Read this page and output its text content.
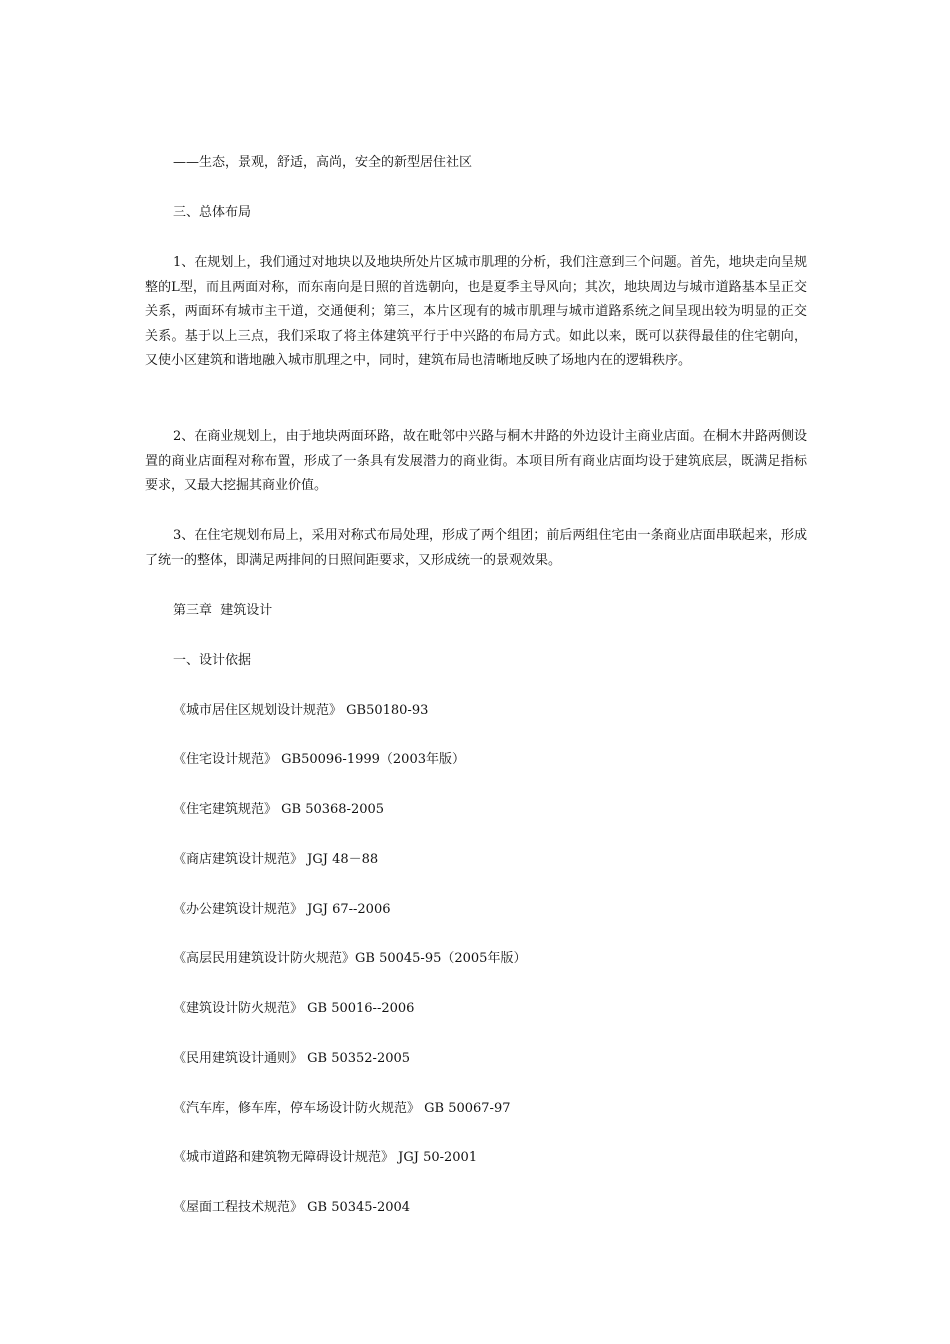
——生态，景观，舒适，高尚，安全的新型居住社区
三、总体布局
1、在规划上，我们通过对地块以及地块所处片区城市肌理的分析，我们注意到三个问题。首先，地块走向呈规整的L型，而且两面对称，而东南向是日照的首选朝向，也是夏季主导风向；其次，地块周边与城市道路基本呈正交关系，两面环有城市主干道，交通便利；第三，本片区现有的城市肌理与城市道路系统之间呈现出较为明显的正交关系。基于以上三点，我们采取了将主体建筑平行于中兴路的布局方式。如此以来，既可以获得最佳的住宅朝向，又使小区建筑和谐地融入城市肌理之中，同时，建筑布局也清晰地反映了场地内在的逻辑秩序。
2、在商业规划上，由于地块两面环路，故在毗邻中兴路与桐木井路的外边设计主商业店面。在桐木井路两侧设置的商业店面程对称布置，形成了一条具有发展潜力的商业街。本项目所有商业店面均设于建筑底层，既满足指标要求，又最大挖掘其商业价值。
3、在住宅规划布局上，采用对称式布局处理，形成了两个组团；前后两组住宅由一条商业店面串联起来，形成了统一的整体，即满足两排间的日照间距要求，又形成统一的景观效果。
第三章  建筑设计
一、设计依据
《城市居住区规划设计规范》 GB50180-93
《住宅设计规范》 GB50096-1999（2003年版）
《住宅建筑规范》 GB 50368-2005
《商店建筑设计规范》 JGJ 48－88
《办公建筑设计规范》 JGJ 67--2006
《高层民用建筑设计防火规范》GB 50045-95（2005年版）
《建筑设计防火规范》 GB 50016--2006
《民用建筑设计通则》 GB 50352-2005
《汽车库，修车库，停车场设计防火规范》 GB 50067-97
《城市道路和建筑物无障碍设计规范》 JGJ 50-2001
《屋面工程技术规范》 GB 50345-2004
